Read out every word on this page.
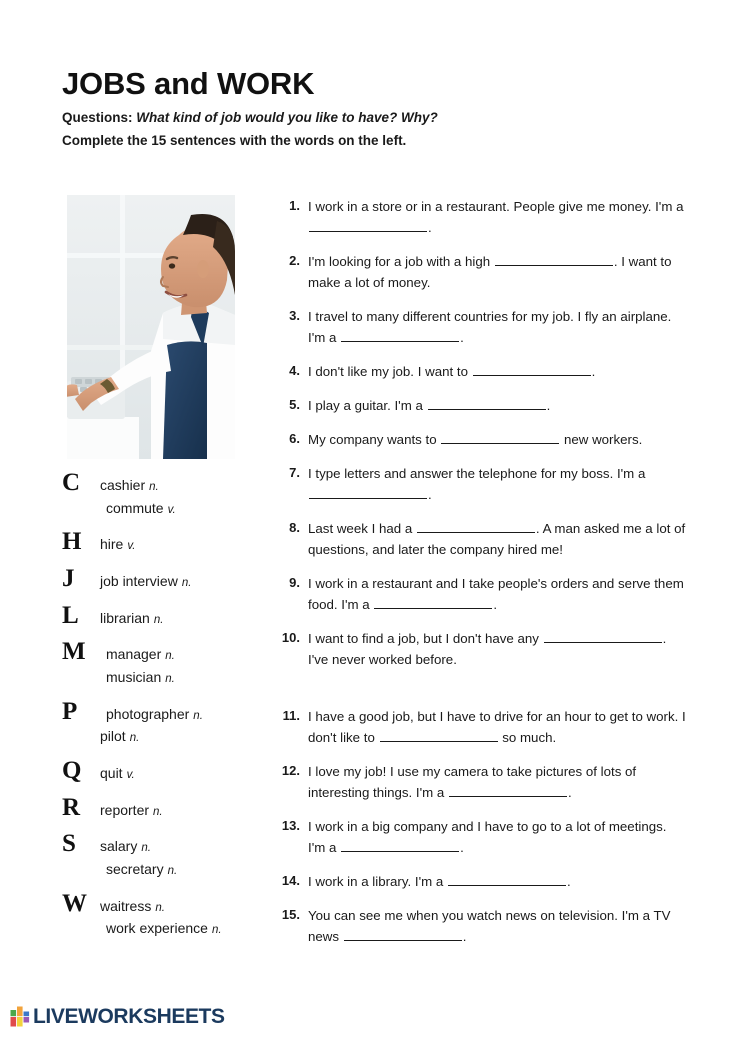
JOBS and WORK

Questions: What kind of job would you like to have? Why?

Complete the 15 sentences with the words on the left.

C cashier n.
commute v.
H hire v.
J job interview n.
L librarian n.
M	manager n.
musician n.
P	photographer n.
pilot n.
Q quit v.
R reporter n.
S salary n.
secretary n.
W waitress n.
work experience n.
1. I work in a store or in a restaurant. People give me money. I'm a .
2. I'm looking for a job with a high	. I want to make a lot of money.
3. I travel to many different countries for my job. I fly an airplane. I'm a	.
4. I don't like my job. I want to	.
5. I play a guitar. I'm a	.
6. My company wants to	new workers.
7. I type letters and answer the telephone for my boss. I'm a .
8. Last week I had a	. A man asked me a lot of questions, and later the company hired me!
9. I work in a restaurant and I take people's orders and serve them food. I'm a	.
10. I want to find a job, but I don't have any	. I've never worked before.
11. I have a good job, but I have to drive for an hour to get to work. I don't like to	so much.
12. I love my job! I use my camera to take pictures of lots of interesting things. I'm a	.
13. I work in a big company and I have to go to a lot of meetings. I'm a	.
14. I work in a library. I'm a	.
15. You can see me when you watch news on television. I'm a TV news	.
LIVEWORKSHEETS
